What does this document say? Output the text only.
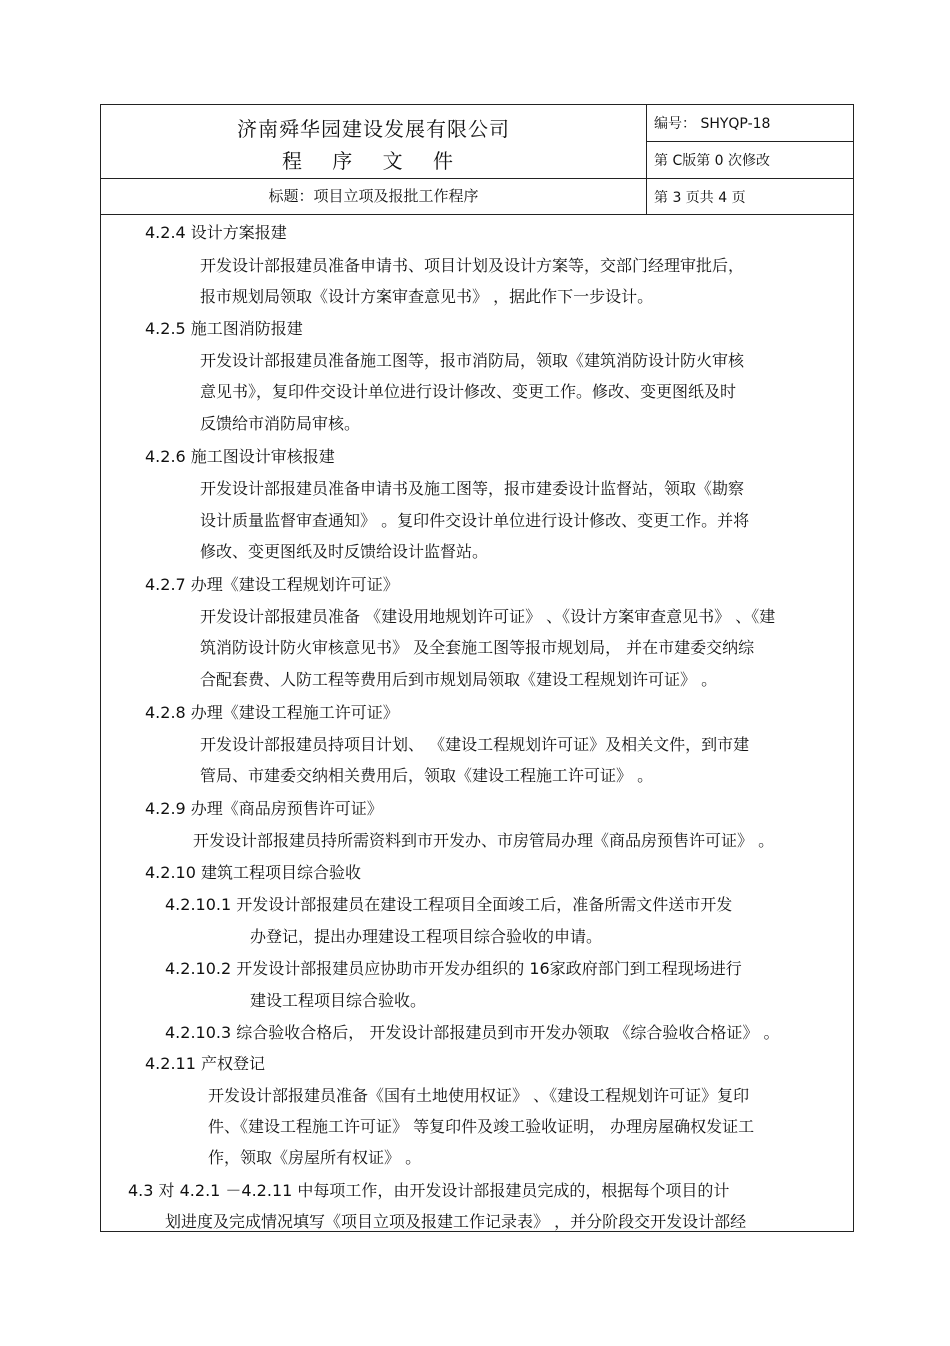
济南舜华园建设发展有限公司
程 序 文 件
标题：项目立项及报批工作程序
编号： SHYQP-18
第 C版第 0 次修改
第 3 页共 4 页
4.2.4 设计方案报建
开发设计部报建员准备申请书、项目计划及设计方案等，交部门经理审批后，
报市规划局领取《设计方案审查意见书》 ，据此作下一步设计。
4.2.5 施工图消防报建
开发设计部报建员准备施工图等，报市消防局，领取《建筑消防设计防火审核
意见书》，复印件交设计单位进行设计修改、变更工作。修改、变更图纸及时
反馈给市消防局审核。
4.2.6 施工图设计审核报建
开发设计部报建员准备申请书及施工图等，报市建委设计监督站，领取《勘察
设计质量监督审查通知》 。复印件交设计单位进行设计修改、变更工作。并将
修改、变更图纸及时反馈给设计监督站。
4.2.7 办理《建设工程规划许可证》
开发设计部报建员准备 《建设用地规划许可证》 、《设计方案审查意见书》 、《建
筑消防设计防火审核意见书》 及全套施工图等报市规划局， 并在市建委交纳综
合配套费、人防工程等费用后到市规划局领取《建设工程规划许可证》 。
4.2.8 办理《建设工程施工许可证》
开发设计部报建员持项目计划、 《建设工程规划许可证》及相关文件，到市建
管局、市建委交纳相关费用后，领取《建设工程施工许可证》 。
4.2.9 办理《商品房预售许可证》
开发设计部报建员持所需资料到市开发办、市房管局办理《商品房预售许可证》 。
4.2.10 建筑工程项目综合验收
4.2.10.1 开发设计部报建员在建设工程项目全面竣工后，准备所需文件送市开发
办登记，提出办理建设工程项目综合验收的申请。
4.2.10.2 开发设计部报建员应协助市开发办组织的 16家政府部门到工程现场进行
建设工程项目综合验收。
4.2.10.3 综合验收合格后， 开发设计部报建员到市开发办领取 《综合验收合格证》 。
4.2.11 产权登记
开发设计部报建员准备《国有土地使用权证》 、《建设工程规划许可证》复印
件、《建设工程施工许可证》 等复印件及竣工验收证明， 办理房屋确权发证工
作，领取《房屋所有权证》 。
4.3 对 4.2.1 －4.2.11 中每项工作，由开发设计部报建员完成的，根据每个项目的计
划进度及完成情况填写《项目立项及报建工作记录表》 ，并分阶段交开发设计部经
